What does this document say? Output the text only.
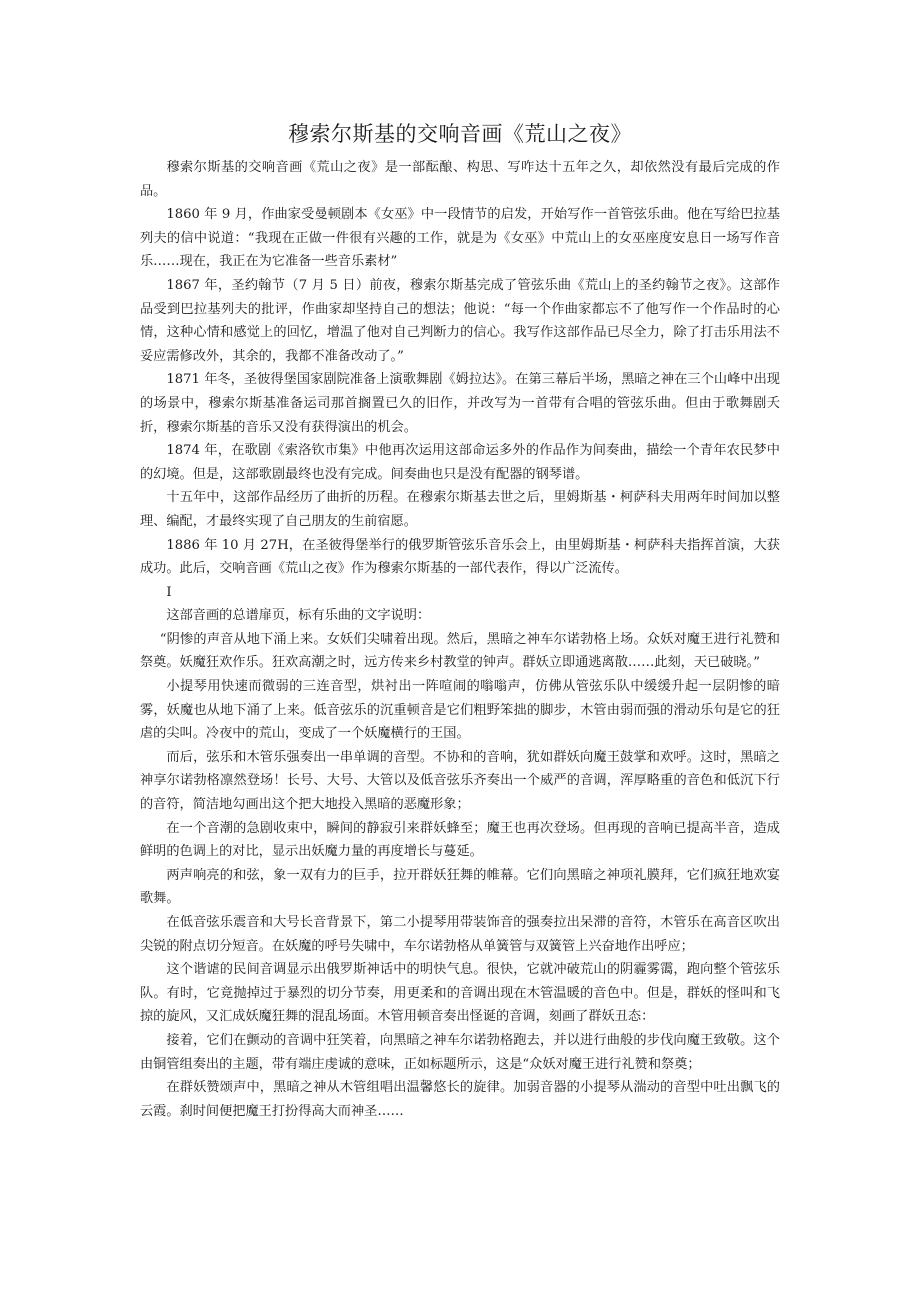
穆索尔斯基的交响音画《荒山之夜》

穆索尔斯基的交响音画《荒山之夜》是一部酝酿、构思、写咋达十五年之久，却依然没有最后完成的作品。

1860 年 9 月，作曲家受曼顿剧本《女巫》中一段情节的启发，开始写作一首管弦乐曲。他在写给巴拉基列夫的信中说道：“我现在正做一件很有兴趣的工作，就是为《女巫》中荒山上的女巫座度安息日一场写作音乐……现在，我正在为它准备一些音乐素材”

1867 年，圣约翰节（7 月 5 日）前夜，穆索尔斯基完成了管弦乐曲《荒山上的圣约翰节之夜》。这部作品受到巴拉基列夫的批评，作曲家却坚持自己的想法；他说：“每一个作曲家都忘不了他写作一个作品时的心情，这种心情和感觉上的回忆，增温了他对自己判断力的信心。我写作这部作品已尽全力，除了打击乐用法不妥应需修改外，其余的，我都不准备改动了。”

1871 年冬，圣彼得堡国家剧院准备上演歌舞剧《姆拉达》。在第三幕后半场，黑暗之神在三个山峰中出现的场景中，穆索尔斯基准备运司那首搁置已久的旧作，并改写为一首带有合唱的管弦乐曲。但由于歌舞剧夭折，穆索尔斯基的音乐又没有获得演出的机会。

1874 年，在歌剧《索洛钦市集》中他再次运用这部命运多外的作品作为间奏曲，描绘一个青年农民梦中的幻境。但是，这部歌剧最终也没有完成。间奏曲也只是没有配器的钢琴谱。

十五年中，这部作品经历了曲折的历程。在穆索尔斯基去世之后，里姆斯基・柯萨科夫用两年时间加以整理、编配，才最终实现了自己朋友的生前宿愿。

1886 年 10 月 27H，在圣彼得堡举行的俄罗斯管弦乐音乐会上，由里姆斯基・柯萨科夫指挥首演，大获成功。此后，交响音画《荒山之夜》作为穆索尔斯基的一部代表作，得以广泛流传。

I

这部音画的总谱扉页，标有乐曲的文字说明：

“阴惨的声音从地下涌上来。女妖们尖啸着出现。然后，黑暗之神车尔诺勃格上场。众妖对魔王进行礼赞和祭奠。妖魔狂欢作乐。狂欢高潮之时，远方传来乡村教堂的钟声。群妖立即通逃离散……此刻，天已破晓。”

小提琴用快速而微弱的三连音型，烘衬出一阵喧闹的嗡嗡声，仿佛从管弦乐队中缓缓升起一层阴惨的暗雾，妖魔也从地下涌了上来。低音弦乐的沉重顿音是它们粗野笨拙的脚步，木管由弱而强的滑动乐句是它的狂虐的尖叫。冷夜中的荒山，变成了一个妖魔横行的王国。

而后，弦乐和木管乐强奏出一串单调的音型。不协和的音响，犹如群妖向魔王鼓掌和欢呼。这时，黑暗之神享尔诺勃格凛然登场！长号、大号、大管以及低音弦乐齐奏出一个威严的音调，浑厚略重的音色和低沉下行的音符，简洁地勾画出这个把大地投入黑暗的恶魔形象；

在一个音潮的急剧收束中，瞬间的静寂引来群妖蜂至；魔王也再次登场。但再现的音响已提高半音，造成鲜明的色调上的对比，显示出妖魔力量的再度增长与蔓延。

两声响亮的和弦，象一双有力的巨手，拉开群妖狂舞的帷幕。它们向黑暗之神项礼膜拜，它们疯狂地欢宴歌舞。

在低音弦乐震音和大号长音背景下，第二小提琴用带装饰音的强奏拉出呆滞的音符，木管乐在高音区吹出尖锐的附点切分短音。在妖魔的呼号失啸中，车尔诺勃格从单簧管与双簧管上兴奋地作出呼应；

这个谐谑的民间音调显示出俄罗斯神话中的明快气息。很快，它就冲破荒山的阴霾雾霭，跑向整个管弦乐队。有时，它竟抛掉过于暴烈的切分节奏，用更柔和的音调出现在木管温暖的音色中。但是，群妖的怪叫和飞掠的旋风，又汇成妖魔狂舞的混乱场面。木管用顿音奏出怪诞的音调，刻画了群妖丑态：

接着，它们在颤动的音调中狂笑着，向黑暗之神车尔诺勃格跑去，并以进行曲般的步伐向魔王致敬。这个由铜管组奏出的主题，带有端庄虔诚的意味，正如标题所示，这是“众妖对魔王进行礼赞和祭奠；

在群妖赞颂声中，黑暗之神从木管组唱出温馨悠长的旋律。加弱音器的小提琴从湍动的音型中吐出飘飞的云霞。刹时间便把魔王打扮得高大而神圣……
